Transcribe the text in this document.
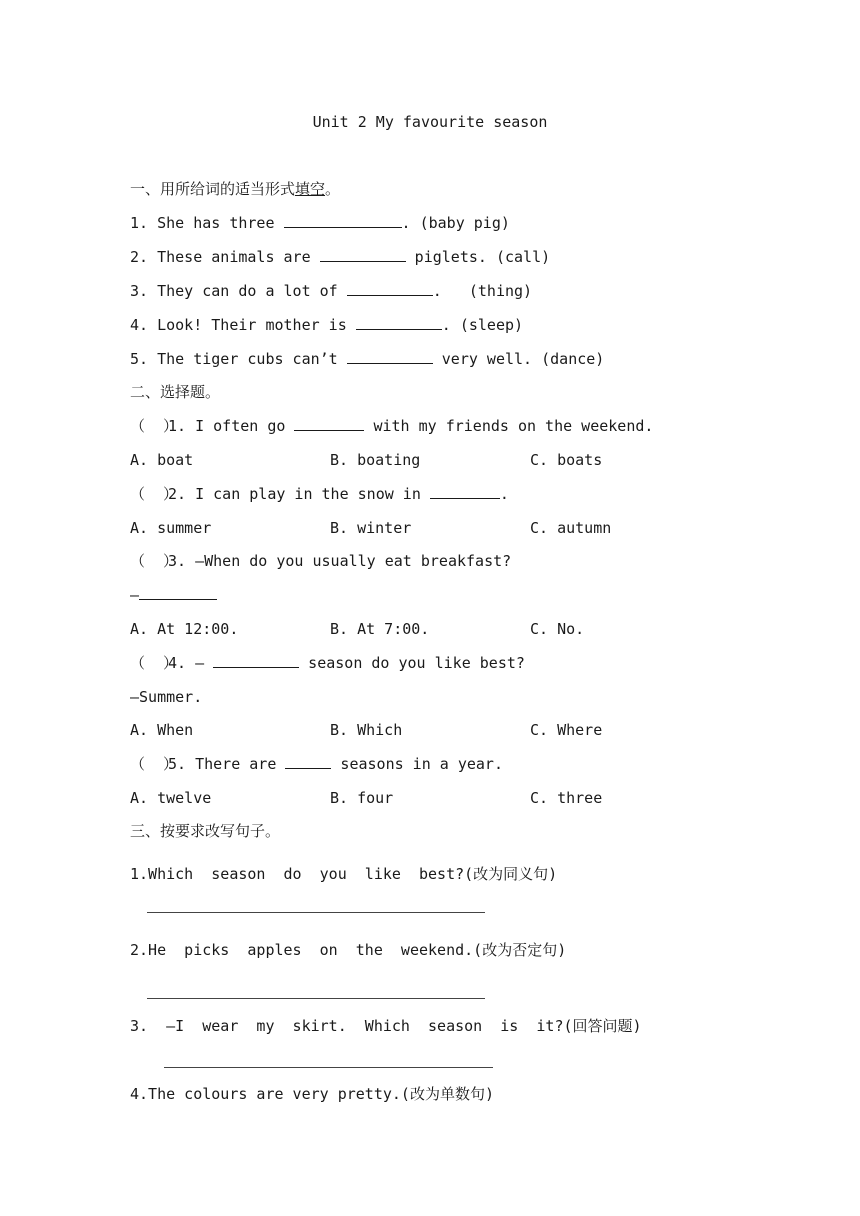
Unit 2 My favourite season
一、用所给词的适当形式填空。
1. She has three	. (baby pig)
2. These animals are	piglets. (call)
3. They can do a lot of	.   (thing)
4. Look! Their mother is	. (sleep)
5. The tiger cubs can’t	very well. (dance)
二、选择题。
（  ）1. I often go	with my friends on the weekend.
A. boat	B. boating	C. boats
（  ）2. I can play in the snow in	.
A. summer	B. winter	C. autumn
（  ）3. —When do you usually eat breakfast?
—
A. At 12:00.	B. At 7:00.	C. No.
（  ）4. —	season do you like best?
—Summer.
A. When	B. Which	C. Where
（  ）5. There are	seasons in a year.
A. twelve	B. four	C. three
三、按要求改写句子。
1.Which  season  do  you  like  best?(改为同义句)
2.He  picks  apples  on  the  weekend.(改为否定句)
3.  —I  wear  my  skirt.  Which  season  is  it?(回答问题)
4.The colours are very pretty.(改为单数句)
